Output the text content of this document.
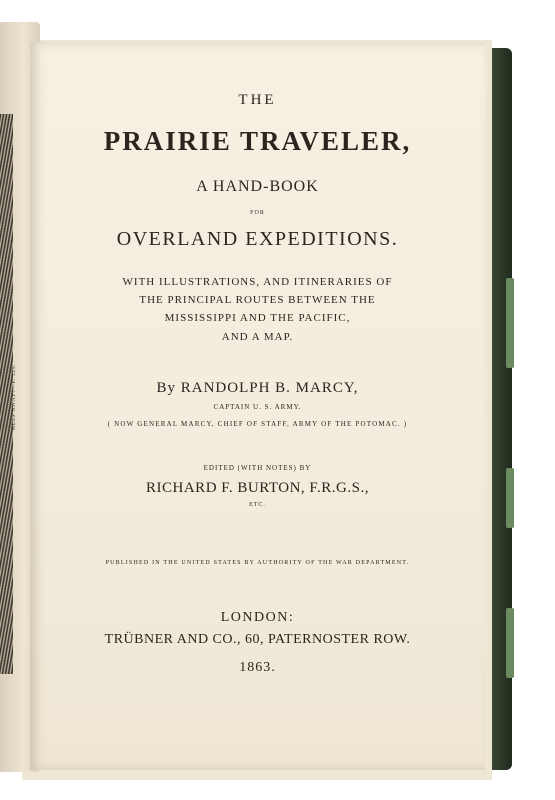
KEEP AWAY!—P. 129.
THE
PRAIRIE TRAVELER,
A HAND-BOOK
FOR
OVERLAND EXPEDITIONS.
WITH ILLUSTRATIONS, AND ITINERARIES OF
THE PRINCIPAL ROUTES BETWEEN THE
MISSISSIPPI AND THE PACIFIC,
AND A MAP.
By RANDOLPH B. MARCY,
CAPTAIN U. S. ARMY.
( NOW GENERAL MARCY, CHIEF OF STAFF, ARMY OF THE POTOMAC. )
EDITED (WITH NOTES) BY
RICHARD F. BURTON, F.R.G.S.,
ETC.
PUBLISHED IN THE UNITED STATES BY AUTHORITY OF THE WAR DEPARTMENT.
LONDON:
TRÜBNER AND CO., 60, PATERNOSTER ROW.
1863.
